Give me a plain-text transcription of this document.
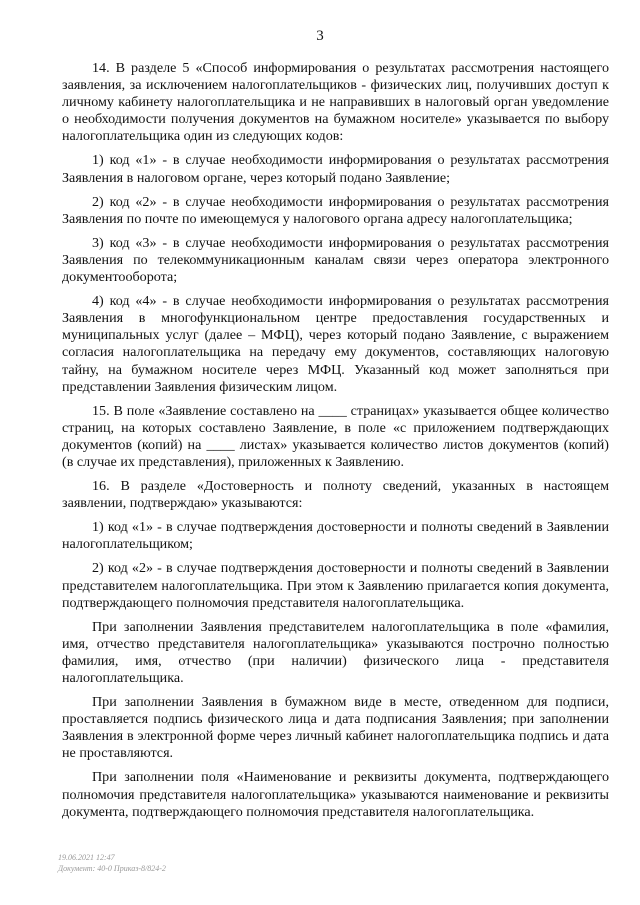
3

14. В разделе 5 «Способ информирования о результатах рассмотрения настоящего заявления, за исключением налогоплательщиков - физических лиц, получивших доступ к личному кабинету налогоплательщика и не направивших в налоговый орган уведомление о необходимости получения документов на бумажном носителе» указывается по выбору налогоплательщика один из следующих кодов:

1) код «1» - в случае необходимости информирования о результатах рассмотрения Заявления в налоговом органе, через который подано Заявление;

2) код «2» - в случае необходимости информирования о результатах рассмотрения Заявления по почте по имеющемуся у налогового органа адресу налогоплательщика;

3) код «3» - в случае необходимости информирования о результатах рассмотрения Заявления по телекоммуникационным каналам связи через оператора электронного документооборота;

4) код «4» - в случае необходимости информирования о результатах рассмотрения Заявления в многофункциональном центре предоставления государственных и муниципальных услуг (далее – МФЦ), через который подано Заявление, с выражением согласия налогоплательщика на передачу ему документов, составляющих налоговую тайну, на бумажном носителе через МФЦ. Указанный код может заполняться при представлении Заявления физическим лицом.

15. В поле «Заявление составлено на ____ страницах» указывается общее количество страниц, на которых составлено Заявление, в поле «с приложением подтверждающих документов (копий) на ____ листах» указывается количество листов документов (копий) (в случае их представления), приложенных к Заявлению.

16. В разделе «Достоверность и полноту сведений, указанных в настоящем заявлении, подтверждаю» указываются:

1) код «1» - в случае подтверждения достоверности и полноты сведений в Заявлении налогоплательщиком;

2) код «2» - в случае подтверждения достоверности и полноты сведений в Заявлении представителем налогоплательщика. При этом к Заявлению прилагается копия документа, подтверждающего полномочия представителя налогоплательщика.

При заполнении Заявления представителем налогоплательщика в поле «фамилия, имя, отчество представителя налогоплательщика» указываются построчно полностью фамилия, имя, отчество (при наличии) физического лица - представителя налогоплательщика.

При заполнении Заявления в бумажном виде в месте, отведенном для подписи, проставляется подпись физического лица и дата подписания Заявления; при заполнении Заявления в электронной форме через личный кабинет налогоплательщика подпись и дата не проставляются.

При заполнении поля «Наименование и реквизиты документа, подтверждающего полномочия представителя налогоплательщика» указываются наименование и реквизиты документа, подтверждающего полномочия представителя налогоплательщика.

19.06.2021 12:47
Документ: 40-0 Приказ-8/824-2
